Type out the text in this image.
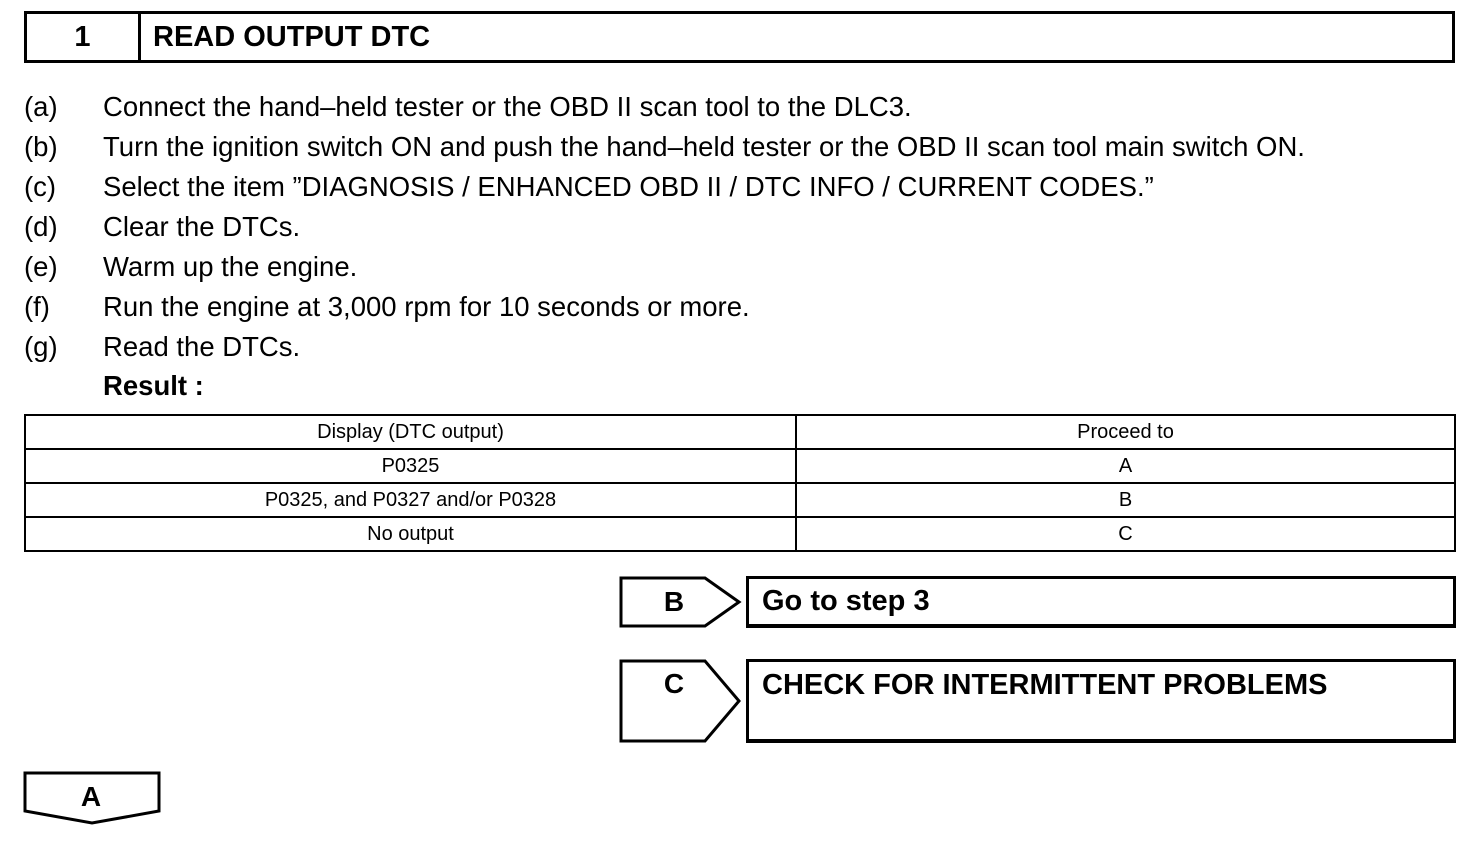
1	READ OUTPUT DTC

(a)	Connect the hand–held tester or the OBD II scan tool to the DLC3.

(b)	Turn the ignition switch ON and push the hand–held tester or the OBD II scan tool main switch ON.

(c)	Select the item ”DIAGNOSIS / ENHANCED OBD II / DTC INFO / CURRENT CODES.”

(d)	Clear the DTCs.

(e)	Warm up the engine.

(f)	Run the engine at 3,000 rpm for 10 seconds or more.

(g)	Read the DTCs.

Result :
Display (DTC output)	Proceed to
P0325	A
P0325, and P0327 and/or P0328	B
No output	C
B	Go to step 3
C	CHECK FOR INTERMITTENT PROBLEMS
A
